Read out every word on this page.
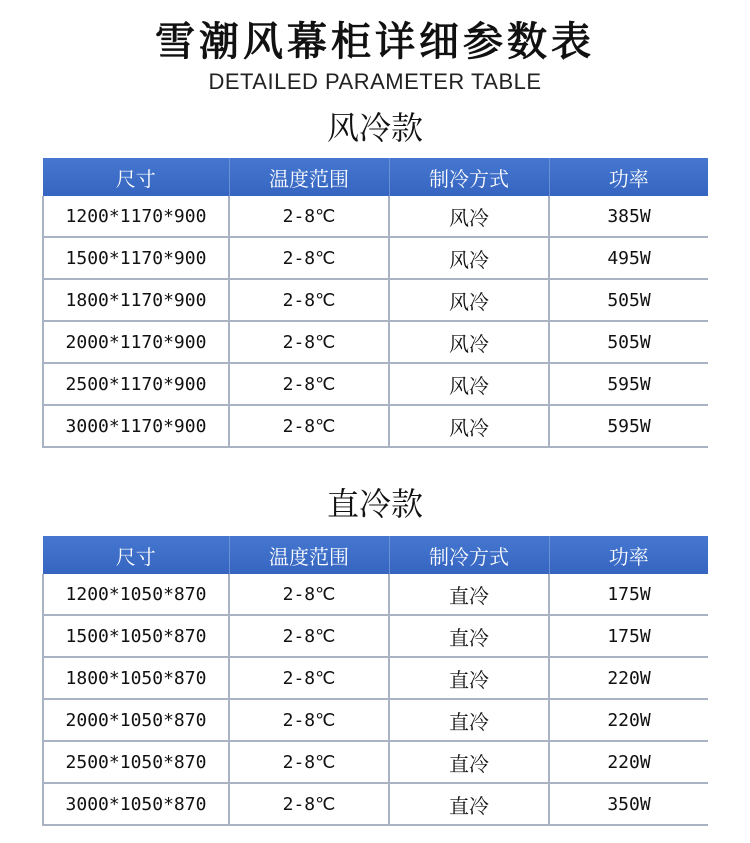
雪潮风幕柜详细参数表
DETAILED PARAMETER TABLE
风冷款
尺寸	温度范围	制冷方式	功率
1200*1170*900	2-8℃	风冷	385W
1500*1170*900	2-8℃	风冷	495W
1800*1170*900	2-8℃	风冷	505W
2000*1170*900	2-8℃	风冷	505W
2500*1170*900	2-8℃	风冷	595W
3000*1170*900	2-8℃	风冷	595W
直冷款
尺寸	温度范围	制冷方式	功率
1200*1050*870	2-8℃	直冷	175W
1500*1050*870	2-8℃	直冷	175W
1800*1050*870	2-8℃	直冷	220W
2000*1050*870	2-8℃	直冷	220W
2500*1050*870	2-8℃	直冷	220W
3000*1050*870	2-8℃	直冷	350W
